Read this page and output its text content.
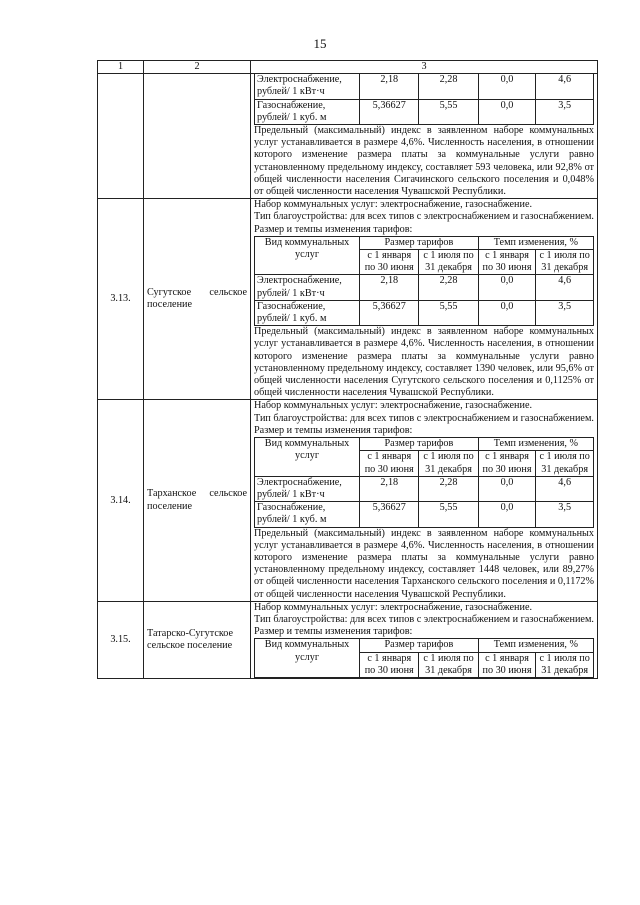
15
1	2	3

Электроснабжение, рублей/ 1 кВт·ч	2,18	2,28	0,0	4,6
Газоснабжение, рублей/ 1 куб. м	5,36627	5,55	0,0	3,5
Предельный (максимальный) индекс в заявленном наборе коммунальных услуг устанавливается в размере 4,6%. Численность населения, в отношении которого изменение размера платы за коммунальные услуги равно установленному предельному индексу, составляет 593 человека, или 92,8% от общей численности населения Сигачинского сельского поселения и 0,048% от общей численности населения Чувашской Республики.

3.13.	Сугутское сельское поселение	
Набор коммунальных услуг: электроснабжение, газоснабжение.
Тип благоустройства: для всех типов с электроснабжением и газоснабжением.
Размер и темпы изменения тарифов:
Вид коммунальных услуг	Размер тарифов	Темп изменения, %
с 1 января по 30 июня	с 1 июля по 31 декабря	с 1 января по 30 июня	с 1 июля по 31 декабря
Электроснабжение, рублей/ 1 кВт·ч	2,18	2,28	0,0	4,6
Газоснабжение, рублей/ 1 куб. м	5,36627	5,55	0,0	3,5
Предельный (максимальный) индекс в заявленном наборе коммунальных услуг устанавливается в размере 4,6%. Численность населения, в отношении которого изменение размера платы за коммунальные услуги равно установленному предельному индексу, составляет 1390 человек, или 95,6% от общей численности населения Сугутского сельского поселения и 0,1125% от общей численности населения Чувашской Республики.

3.14.	Тарханское сельское поселение	
Набор коммунальных услуг: электроснабжение, газоснабжение.
Тип благоустройства: для всех типов с электроснабжением и газоснабжением.
Размер и темпы изменения тарифов:
Вид коммунальных услуг	Размер тарифов	Темп изменения, %
с 1 января по 30 июня	с 1 июля по 31 декабря	с 1 января по 30 июня	с 1 июля по 31 декабря
Электроснабжение, рублей/ 1 кВт·ч	2,18	2,28	0,0	4,6
Газоснабжение, рублей/ 1 куб. м	5,36627	5,55	0,0	3,5
Предельный (максимальный) индекс в заявленном наборе коммунальных услуг устанавливается в размере 4,6%. Численность населения, в отношении которого изменение размера платы за коммунальные услуги равно установленному предельному индексу, составляет 1448 человек, или 89,27% от общей численности населения Тарханского сельского поселения и 0,1172% от общей численности населения Чувашской Республики.

3.15.	Татарско-Сугутское сельское поселение	
Набор коммунальных услуг: электроснабжение, газоснабжение.
Тип благоустройства: для всех типов с электроснабжением и газоснабжением.
Размер и темпы изменения тарифов:
Вид коммунальных услуг	Размер тарифов	Темп изменения, %
с 1 января по 30 июня	с 1 июля по 31 декабря	с 1 января по 30 июня	с 1 июля по 31 декабря
